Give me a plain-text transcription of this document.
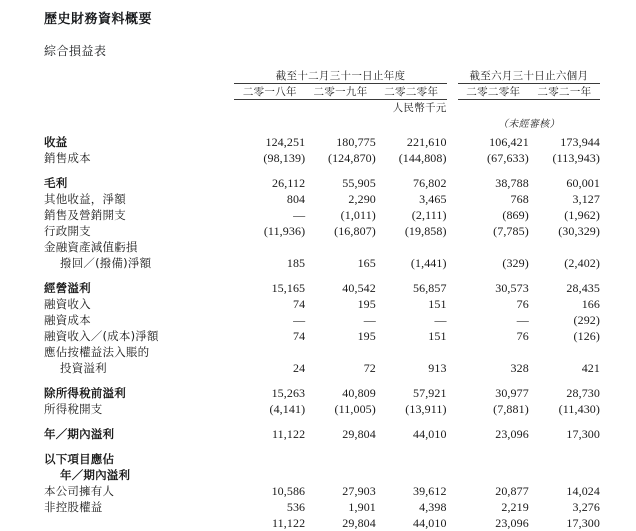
歷史財務資料概要
綜合損益表
	截至十二月三十一日止年度				截至六月三十日止六個月	
	二零一八年	二零一九年	二零二零年		二零二零年	二零二一年
			人民幣千元			
					（未經審核）	

收益	124,251	180,775	221,610		106,421	173,944

銷售成本	(98,139)	(124,870)	(144,808)		(67,633)	(113,943)

毛利	26,112	55,905	76,802		38,788	60,001

其他收益，淨額	804	2,290	3,465		768	3,127

銷售及營銷開支	—	(1,011)	(2,111)		(869)	(1,962)

行政開支	(11,936)	(16,807)	(19,858)		(7,785)	(30,329)
金融資產減值虧損						

撥回／(撥備)淨額	185	165	(1,441)		(329)	(2,402)

經營溢利	15,165	40,542	56,857		30,573	28,435

融資收入	74	195	151		76	166

融資成本	—	—	—		—	(292)

融資收入／(成本)淨額	74	195	151		76	(126)
應佔按權益法入賬的						

投資溢利	24	72	913		328	421

除所得稅前溢利	15,263	40,809	57,921		30,977	28,730

所得稅開支	(4,141)	(11,005)	(13,911)		(7,881)	(11,430)

年／期內溢利	11,122	29,804	44,010		23,096	17,300

以下項目應佔						

年／期內溢利						

本公司擁有人	10,586	27,903	39,612		20,877	14,024

非控股權益	536	1,901	4,398		2,219	3,276
	11,122	29,804	44,010		23,096	17,300
